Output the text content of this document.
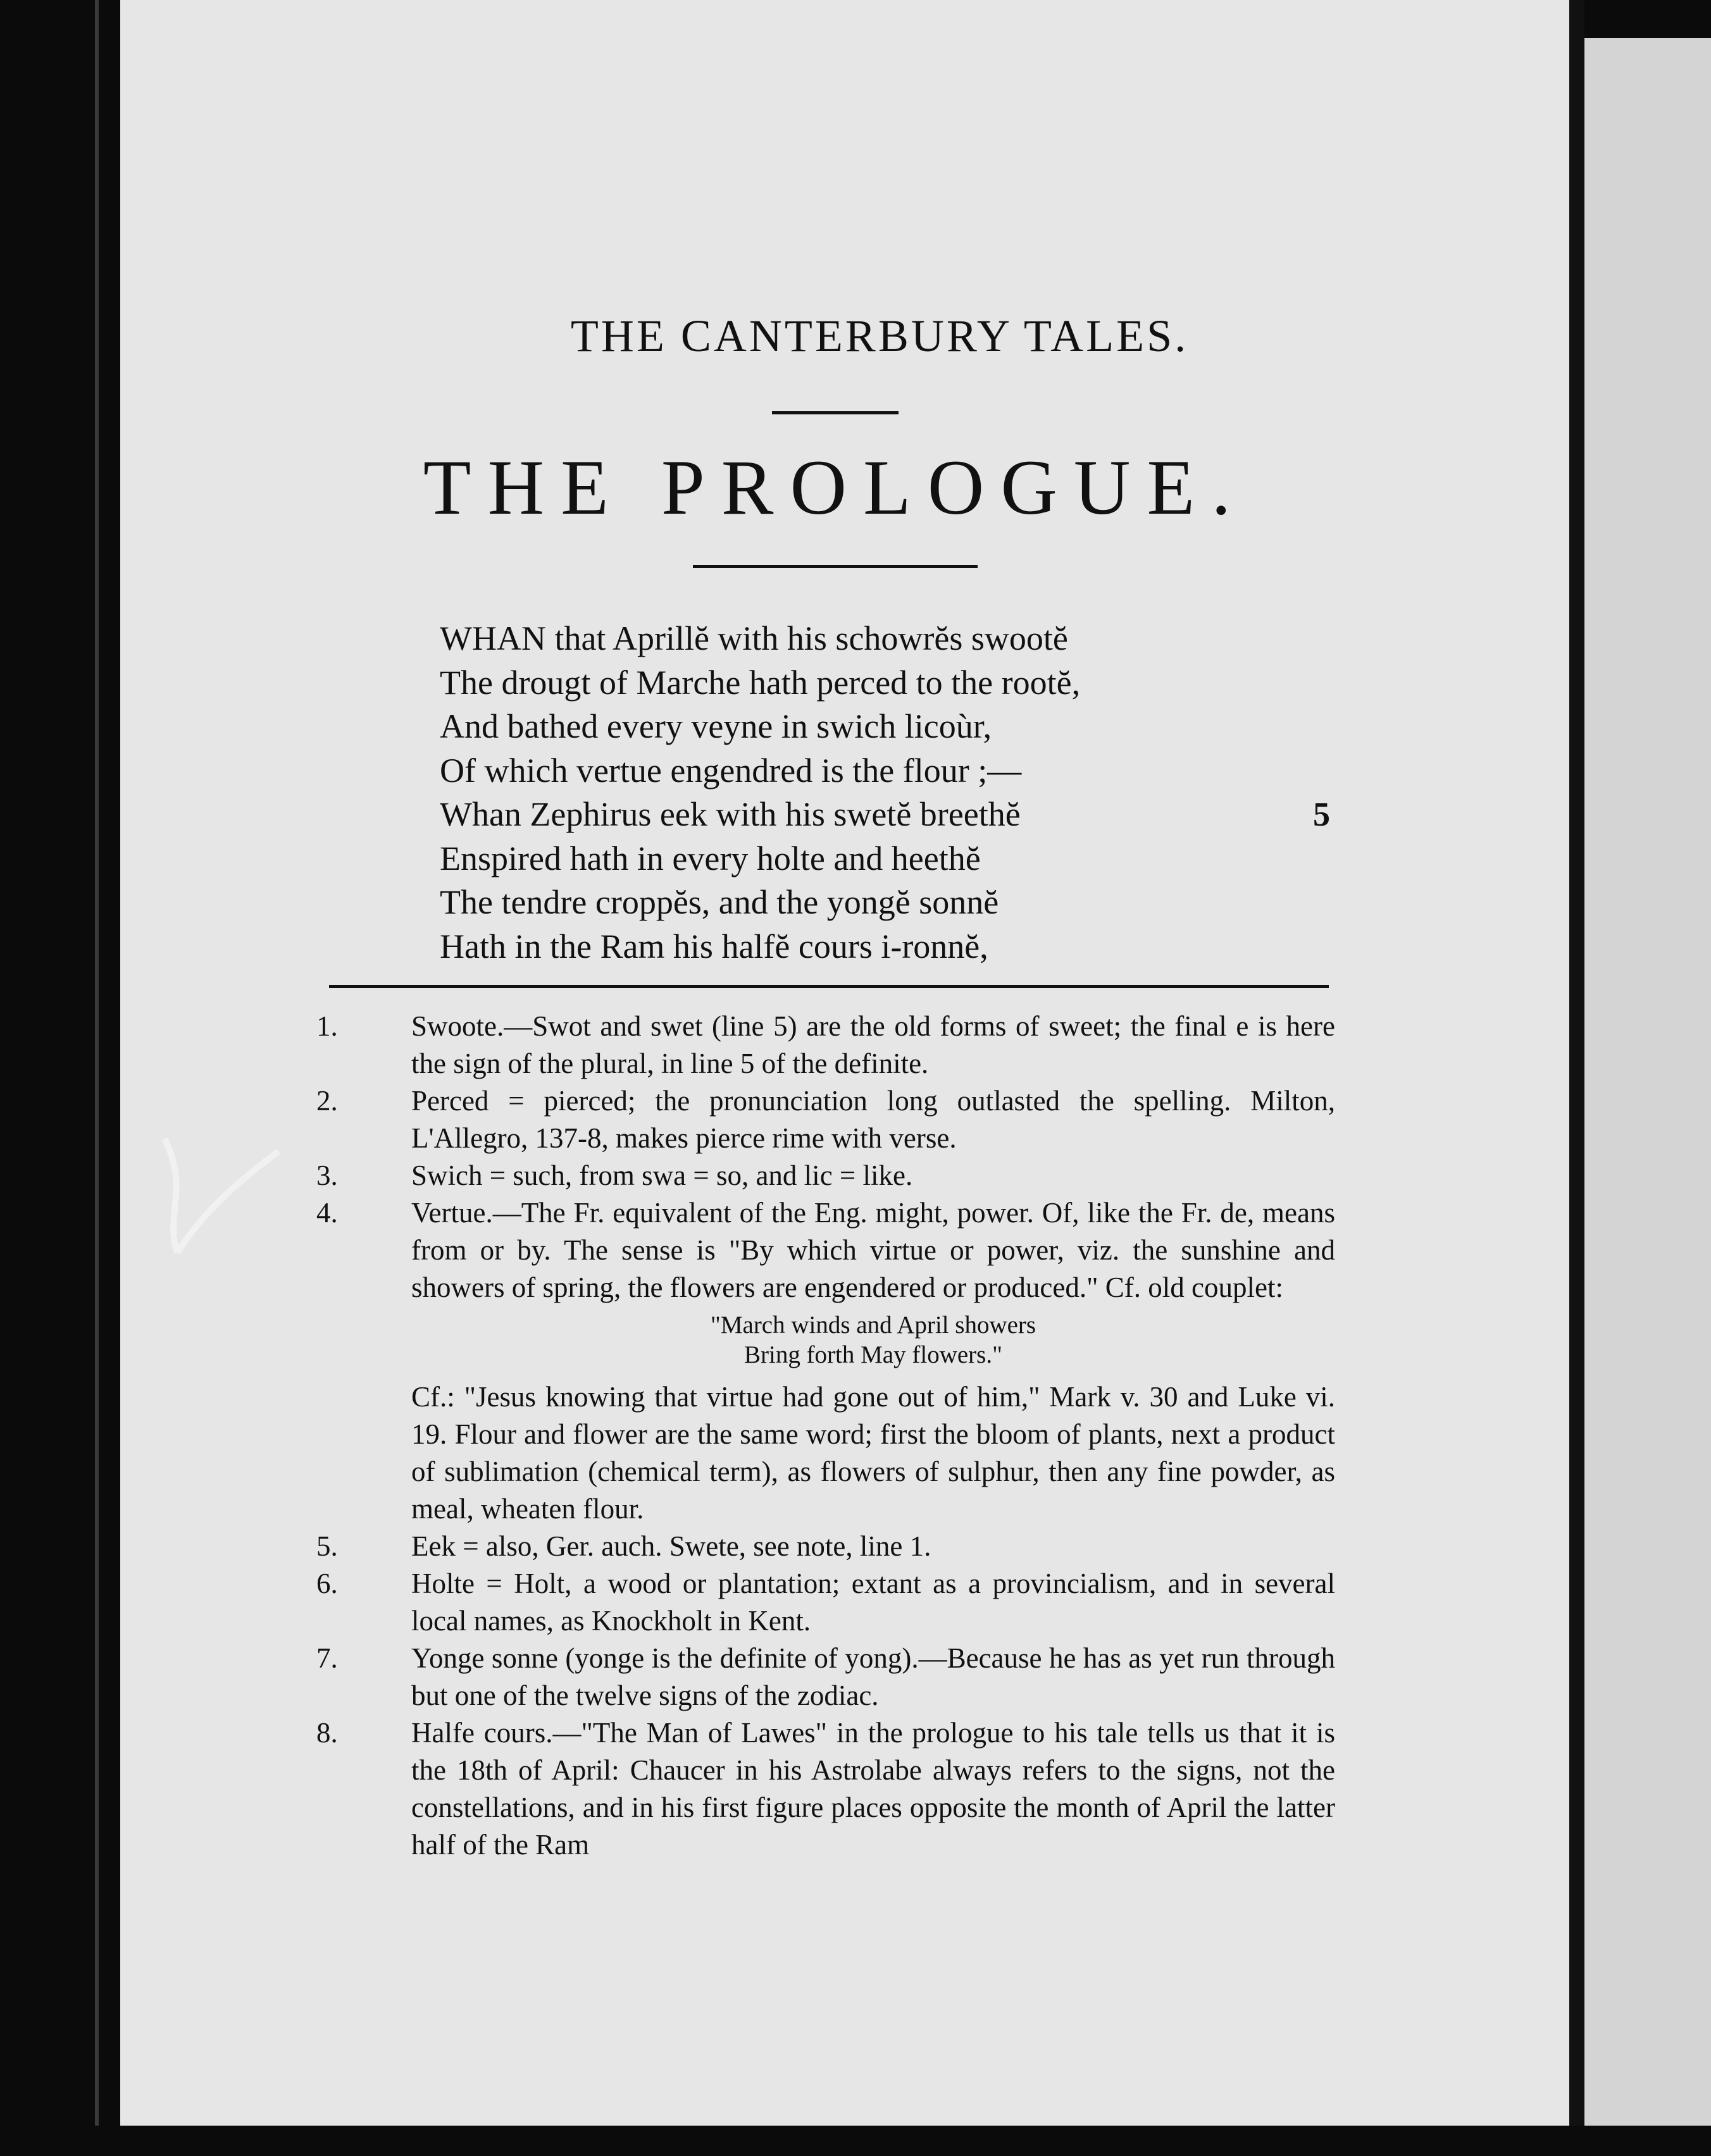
THE CANTERBURY TALES.
THE PROLOGUE.
WHAN that Aprillĕ with his schowrĕs swootĕ
The drougt of Marche hath perced to the rootĕ,
And bathed every veyne in swich licoùr,
Of which vertue engendred is the flour ;—
Whan Zephirus eek with his swetĕ breethĕ	5
Enspired hath in every holte and heethĕ
The tendre croppĕs, and the yongĕ sonnĕ
Hath in the Ram his halfĕ cours i-ronnĕ,
1.	Swoote.—Swot and swet (line 5) are the old forms of sweet; the final e is here the sign of the plural, in line 5 of the definite.
2.	Perced = pierced; the pronunciation long outlasted the spelling. Milton, L'Allegro, 137-8, makes pierce rime with verse.
3.	Swich = such, from swa = so, and lic = like.
4.	Vertue.—The Fr. equivalent of the Eng. might, power. Of, like the Fr. de, means from or by. The sense is "By which virtue or power, viz. the sunshine and showers of spring, the flowers are engendered or produced." Cf. old couplet:
"March winds and April showers
Bring forth May flowers."
Cf.: "Jesus knowing that virtue had gone out of him," Mark v. 30 and Luke vi. 19. Flour and flower are the same word; first the bloom of plants, next a product of sublimation (chemical term), as flowers of sulphur, then any fine powder, as meal, wheaten flour.
5.	Eek = also, Ger. auch. Swete, see note, line 1.
6.	Holte = Holt, a wood or plantation; extant as a provincialism, and in several local names, as Knockholt in Kent.
7.	Yonge sonne (yonge is the definite of yong).—Because he has as yet run through but one of the twelve signs of the zodiac.
8.	Halfe cours.—"The Man of Lawes" in the prologue to his tale tells us that it is the 18th of April: Chaucer in his Astrolabe always refers to the signs, not the constellations, and in his first figure places opposite the month of April the latter half of the Ram
